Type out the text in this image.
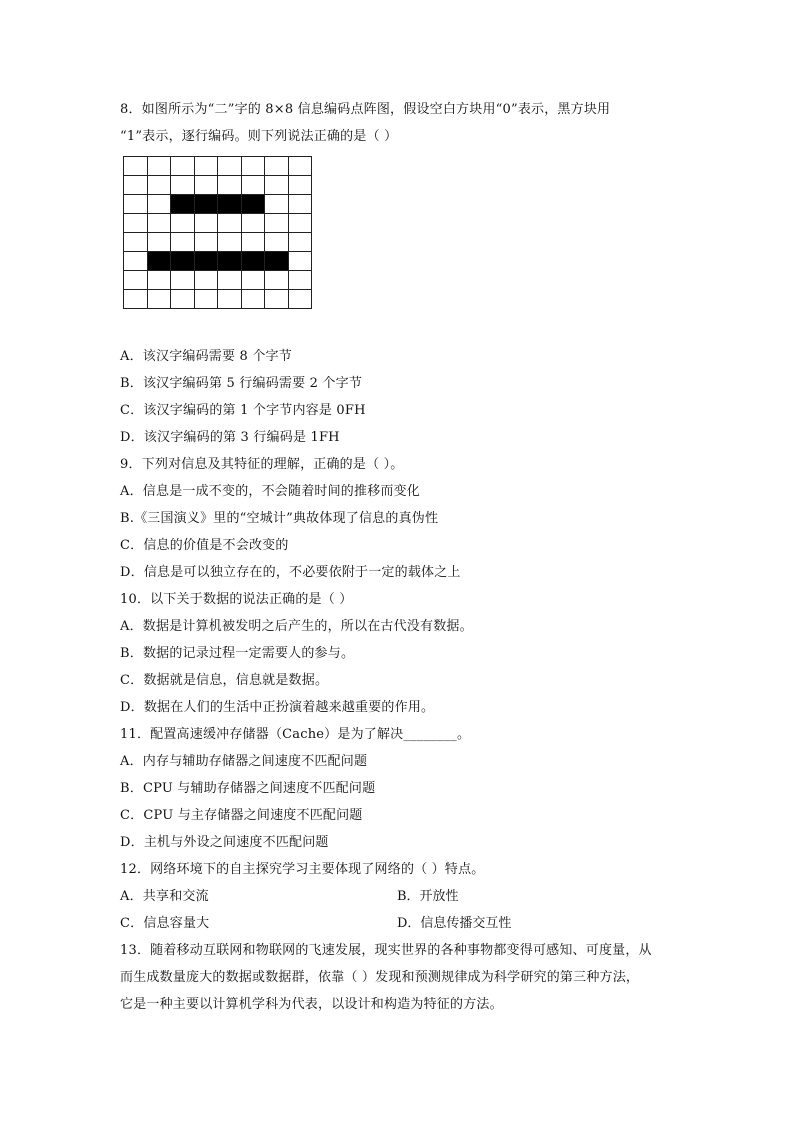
8．如图所示为“二”字的 8×8 信息编码点阵图，假设空白方块用“0”表示，黑方块用
“1”表示，逐行编码。则下列说法正确的是（ ）
A．该汉字编码需要 8 个字节
B．该汉字编码第 5 行编码需要 2 个字节
C．该汉字编码的第 1 个字节内容是 0FH
D．该汉字编码的第 3 行编码是 1FH
9．下列对信息及其特征的理解，正确的是（ ）。
A．信息是一成不变的，不会随着时间的推移而变化
B.《三国演义》里的“空城计”典故体现了信息的真伪性
C．信息的价值是不会改变的
D．信息是可以独立存在的，不必要依附于一定的载体之上
10．以下关于数据的说法正确的是（ ）
A．数据是计算机被发明之后产生的，所以在古代没有数据。
B．数据的记录过程一定需要人的参与。
C．数据就是信息，信息就是数据。
D．数据在人们的生活中正扮演着越来越重要的作用。
11．配置高速缓冲存储器（Cache）是为了解决________。
A．内存与辅助存储器之间速度不匹配问题
B．CPU 与辅助存储器之间速度不匹配问题
C．CPU 与主存储器之间速度不匹配问题
D．主机与外设之间速度不匹配问题
12．网络环境下的自主探究学习主要体现了网络的（ ）特点。
A．共享和交流	B．开放性
C．信息容量大	D．信息传播交互性
13．随着移动互联网和物联网的飞速发展，现实世界的各种事物都变得可感知、可度量，从
而生成数量庞大的数据或数据群，依靠（ ）发现和预测规律成为科学研究的第三种方法，
它是一种主要以计算机学科为代表，以设计和构造为特征的方法。
